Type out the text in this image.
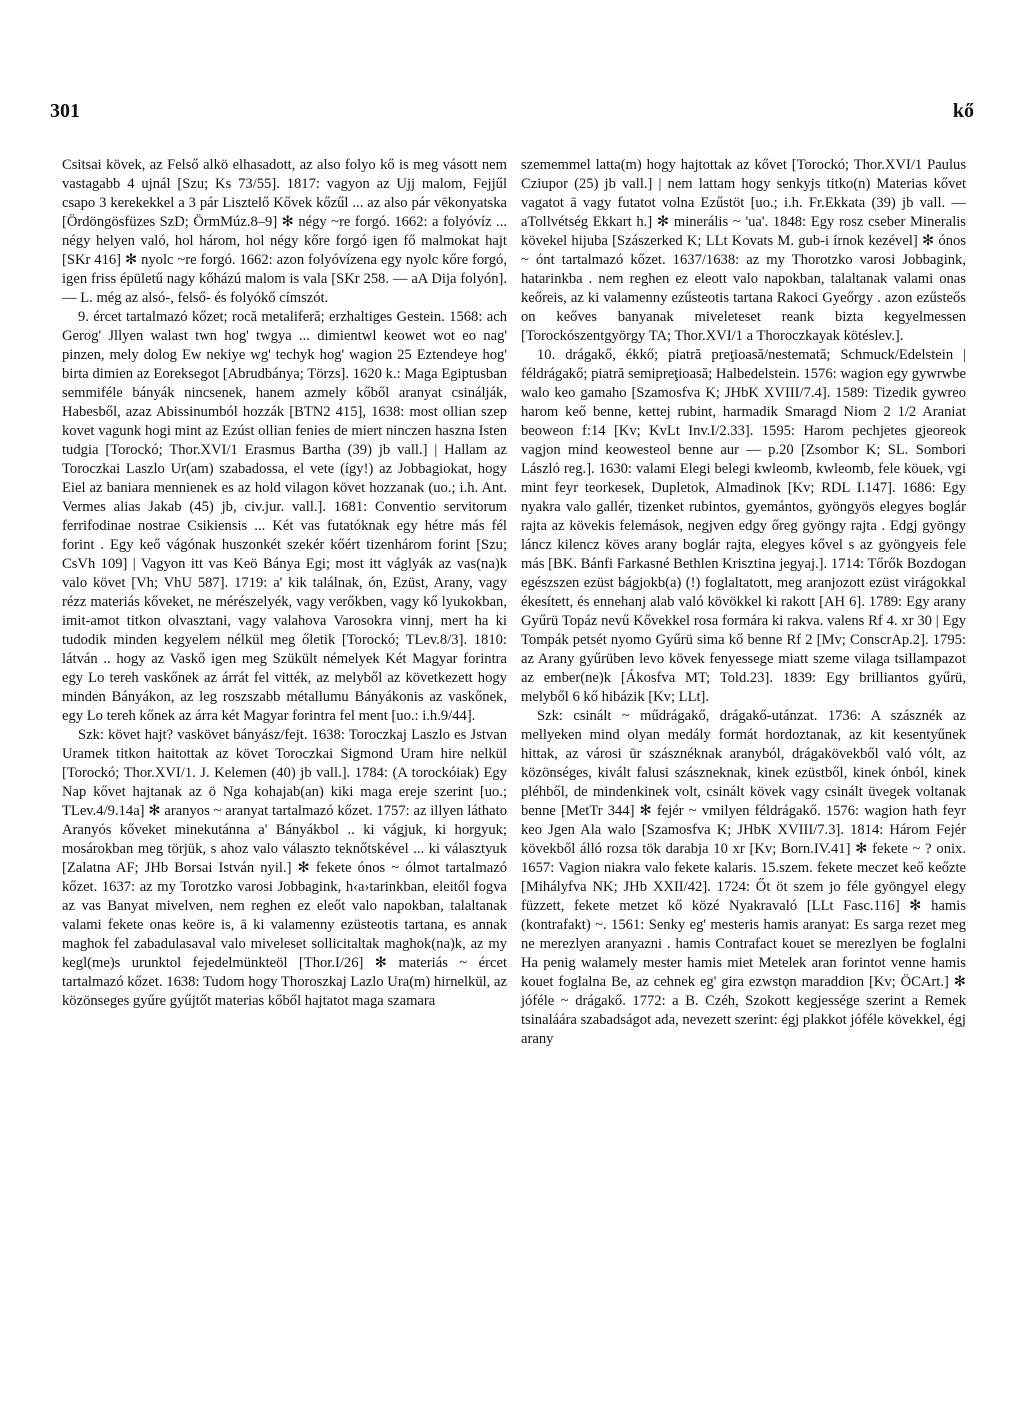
301	kő

Csitsai kövek, az Felső alkö elhasadott, az also folyo kő is meg vásott nem vastagabb 4 ujnál [Szu; Ks 73/55]. 1817: vagyon az Ujj malom, Fejjűl csapo 3 kerekekkel a 3 pár Lisztelő Kővek kőzűl ... az also pár vēkonyatska [Ördöngösfüzes SzD; ÖrmMúz.8–9] ✻ négy ~re forgó. 1662: a folyóvíz ... négy helyen való, hol három, hol négy kőre forgó igen fő malmokat hajt [SKr 416] ✻ nyolc ~re forgó. 1662: azon folyóvízena egy nyolc kőre forgó, igen friss épületű nagy kőházú malom is vala [SKr 258. — aA Dija folyón]. — L. még az alsó-, felső- és folyókő címszót.

9. ércet tartalmazó kőzet; rocă metaliferă; erzhaltiges Gestein. 1568: ach Gerog' Jllyen walast twn hog' twgya ... dimientwl keowet wot eo nag' pinzen, mely dolog Ew nekiye wg' techyk hog' wagion 25 Eztendeye hog' birta dimien az Eoreksegot [Abrudbánya; Törzs]. 1620 k.: Maga Egiptusban semmiféle bányák nincsenek, hanem azmely kőből aranyat csinálják, Habesből, azaz Abissinumból hozzák [BTN2 415], 1638: most ollian szep kovet vagunk hogi mint az Ezúst ollian fenies de miert ninczen haszna Isten tudgia [Torockó; Thor.XVI/1 Erasmus Bartha (39) jb vall.] | Hallam az Toroczkai Laszlo Ur(am) szabadossa, el vete (így!) az Jobbagiokat, hogy Eiel az baniara mennienek es az hold vilagon követ hozzanak (uo.; i.h. Ant. Vermes alias Jakab (45) jb, civ.jur. vall.]. 1681: Conventio servitorum ferrifodinae nostrae Csikiensis ... Két vas futatóknak egy hétre más fél forint . Egy keő vágónak huszonkét szekér kőért tizenhárom forint [Szu; CsVh 109] | Vagyon itt vas Keö Bánya Egi; most itt váglyák az vas(na)k valo követ [Vh; VhU 587]. 1719: a' kik találnak, ón, Ezüst, Arany, vagy rézz materiás kőveket, ne mérészelyék, vagy verőkben, vagy kő lyukokban, imit-amot titkon olvasztani, vagy valahova Varosokra vinnj, mert ha ki tudodik minden kegyelem nélkül meg őletik [Torockó; TLev.8/3]. 1810: látván .. hogy az Vaskő igen meg Szükült némelyek Két Magyar forintra egy Lo tereh vaskőnek az árrát fel vitték, az melyből az következett hogy minden Bányákon, az leg roszszabb métallumu Bányákonis az vaskőnek, egy Lo tereh kőnek az árra két Magyar forintra fel ment [uo.: i.h.9/44].

Szk: követ hajt? vaskövet bányász/fejt. 1638: Toroczkaj Laszlo es Jstvan Uramek titkon haitottak az követ Toroczkai Sigmond Uram hire nelkül [Torockó; Thor.XVI/1. J. Kelemen (40) jb vall.]. 1784: (A torockóiak) Egy Nap kővet hajtanak az ö Nga kohajab(an) kiki maga ereje szerint [uo.; TLev.4/9.14a] ✻ aranyos ~ aranyat tartalmazó kőzet. 1757: az illyen láthato Aranyós kőveket minekutánna a' Bányákbol .. ki vágjuk, ki horgyuk; mosárokban meg törjük, s ahoz valo választo teknőtskével ... ki választyuk [Zalatna AF; JHb Borsai István nyil.] ✻ fekete ónos ~ ólmot tartalmazó kőzet. 1637: az my Torotzko varosi Jobbagink, h‹a›tarinkban, eleitől fogva az vas Banyat mivelven, nem reghen ez eleőt valo napokban, talaltanak valami fekete onas keöre is, ā ki valamenny ezüsteotis tartana, es annak maghok fel zabadulasaval valo miveleset sollicitaltak maghok(na)k, az my kegl(me)s urunktol fejedelmünkteöl [Thor.I/26] ✻ materiás ~ ércet tartalmazó kőzet. 1638: Tudom hogy Thoroszkaj Lazlo Ura(m) hirnelkül, az közönseges gyűre gyűjtőt materias kőből hajtatot maga szamara

szememmel latta(m) hogy hajtottak az kővet [Torockó; Thor.XVI/1 Paulus Cziupor (25) jb vall.] | nem lattam hogy senkyjs titko(n) Materias kővet vagatot ā vagy futatot volna Ezűstöt [uo.; i.h. Fr.Ekkata (39) jb vall. — aTollvétség Ekkart h.] ✻ minerális ~ 'ua'. 1848: Egy rosz cseber Mineralis kövekel hijuba [Szászerked K; LLt Kovats M. gub-i írnok kezével] ✻ ónos ~ ónt tartalmazó kőzet. 1637/1638: az my Thorotzko varosi Jobbagink, hatarinkba . nem reghen ez eleott valo napokban, talaltanak valami onas keőreis, az ki valamenny ezűsteotis tartana Rakoci Gyeőrgy . azon ezűsteős on keőves banyanak miveleteset reank bizta kegyelmessen [Torockószentgyörgy TA; Thor.XVI/1 a Thoroczkayak kötéslev.].

10. drágakő, ékkő; piatră preţioasă/nestemată; Schmuck/Edelstein | féldrágakő; piatră semipreţioasă; Halbedelstein. 1576: wagion egy gywrwbe walo keo gamaho [Szamosfva K; JHbK XVIII/7.4]. 1589: Tizedik gywreo harom keő benne, kettej rubint, harmadik Smaragd Niom 2 1/2 Araniat beoweon f:14 [Kv; KvLt Inv.I/2.33]. 1595: Harom pechjetes gjeoreok vagjon mind keowesteol benne aur — p.20 [Zsombor K; SL. Sombori László reg.]. 1630: valami Elegi belegi kwleomb, kwleomb, fele köuek, vgi mint feyr teorkesek, Dupletok, Almadinok [Kv; RDL I.147]. 1686: Egy nyakra valo gallér, tizenket rubintos, gyemántos, gyöngyös elegyes boglár rajta az kövekis felemások, negjven edgy őreg gyöngy rajta . Edgj gyöngy láncz kilencz köves arany boglár rajta, elegyes kővel s az gyöngyeis fele más [BK. Bánfi Farkasné Bethlen Krisztina jegyaj.]. 1714: Tőrők Bozdogan egészszen ezüst bágjokb(a) (!) foglaltatott, meg aranjozott ezüst virágokkal ékesített, és ennehanj alab való kövökkel ki rakott [AH 6]. 1789: Egy arany Gyűrü Topáz nevű Kővekkel rosa formára ki rakva. valens Rf 4. xr 30 | Egy Tompák petsét nyomo Gyűrü sima kő benne Rf 2 [Mv; ConscrAp.2]. 1795: az Arany gyűrüben levo kövek fenyessege miatt szeme vilaga tsillampazot az ember(ne)k [Ákosfva MT; Told.23]. 1839: Egy brilliantos gyűrü, melyből 6 kő hibázik [Kv; LLt].

Szk: csinált ~ műdrágakő, drágakő-utánzat. 1736: A szásznék az mellyeken mind olyan medály formát hordoztanak, az kit kesentyűnek hittak, az városi ūr szásznéknak aranyból, drágakövekből való vólt, az közönséges, kivált falusi szászneknak, kinek ezüstből, kinek ónból, kinek pléhből, de mindenkinek volt, csinált kövek vagy csinált üvegek voltanak benne [MetTr 344] ✻ fejér ~ vmilyen féldrágakő. 1576: wagion hath feyr keo Jgen Ala walo [Szamosfva K; JHbK XVIII/7.3]. 1814: Három Fejér kövekből álló rozsa tök darabja 10 xr [Kv; Born.IV.41] ✻ fekete ~ ? onix. 1657: Vagion niakra valo fekete kalaris. 15.szem. fekete meczet keő keőzte [Mihályfva NK; JHb XXII/42]. 1724: Őt öt szem jo féle gyöngyel elegy füzzett, fekete metzet kő közé Nyakravaló [LLt Fasc.116] ✻ hamis (kontrafakt) ~. 1561: Senky eg' mesteris hamis aranyat: Es sarga rezet meg ne merezlyen aranyazni . hamis Contrafact kouet se merezlyen be foglalni Ha penig walamely mester hamis miet Metelek aran forintot venne hamis kouet foglalna Be, az cehnek eg' gira ezwstǫn maraddion [Kv; ÖCArt.] ✻ jóféle ~ drágakő. 1772: a B. Czéh, Szokott kegjessége szerint a Remek tsinaláára szabadságot ada, nevezett szerint: égj plakkot jóféle kövekkel, égj arany
